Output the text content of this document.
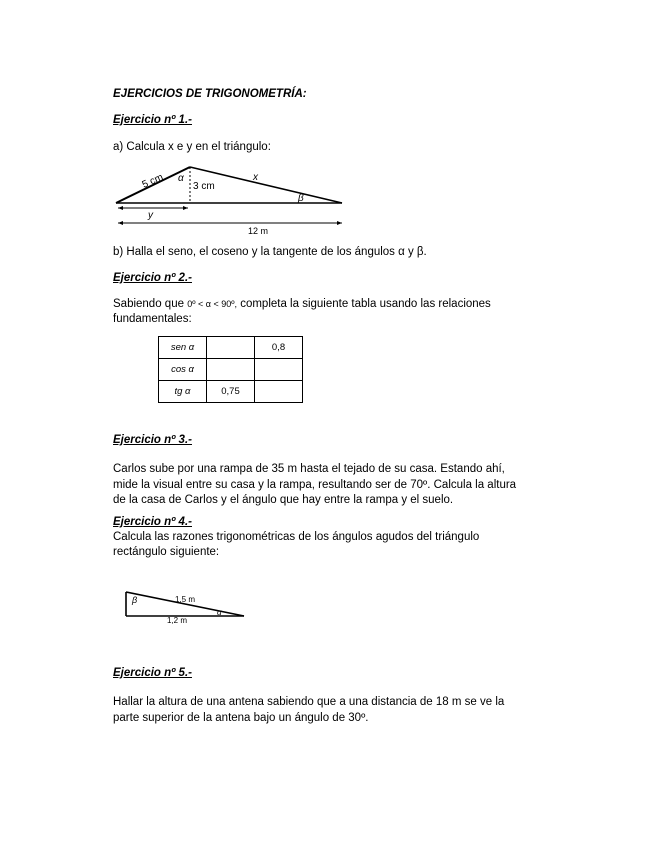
EJERCICIOS DE TRIGONOMETRÍA:
Ejercicio nº 1.-
a) Calcula x e y en el triángulo:
5 cm α
3 cm
x
y
β
12 m
b) Halla el seno, el coseno y la tangente de los ángulos α y β.
Ejercicio nº 2.-
Sabiendo que 0º < α < 90º, completa la siguiente tabla usando las relaciones
fundamentales:
sen α		0,8
cos α		
tg α	0,75	
Ejercicio nº 3.-
Carlos sube por una rampa de 35 m hasta el tejado de su casa. Estando ahí,
mide la visual entre su casa y la rampa, resultando ser de 70º. Calcula la altura
de la casa de Carlos y el ángulo que hay entre la rampa y el suelo.
Ejercicio nº 4.-
Calcula las razones trigonométricas de los ángulos agudos del triángulo
rectángulo siguiente:
β	1,5 m
α
1,2 m
Ejercicio nº 5.-
Hallar la altura de una antena sabiendo que a una distancia de 18 m se ve la
parte superior de la antena bajo un ángulo de 30º.
